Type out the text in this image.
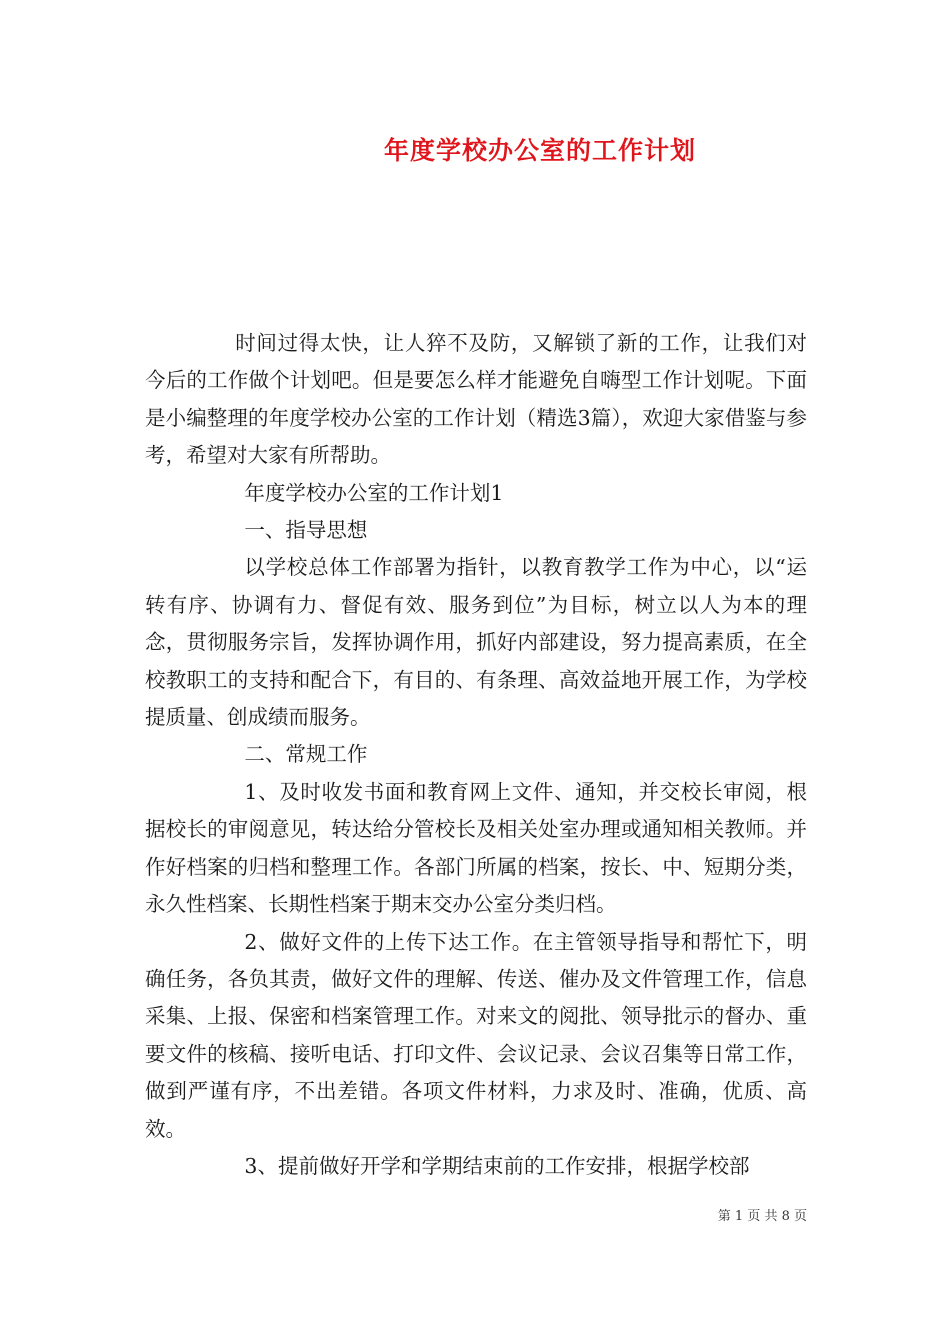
年度学校办公室的工作计划

时间过得太快，让人猝不及防，又解锁了新的工作，让我们对今后的工作做个计划吧。但是要怎么样才能避免自嗨型工作计划呢。下面是小编整理的年度学校办公室的工作计划（精选3篇），欢迎大家借鉴与参考，希望对大家有所帮助。

年度学校办公室的工作计划1

一、指导思想

以学校总体工作部署为指针，以教育教学工作为中心，以“运转有序、协调有力、督促有效、服务到位”为目标，树立以人为本的理念，贯彻服务宗旨，发挥协调作用，抓好内部建设，努力提高素质，在全校教职工的支持和配合下，有目的、有条理、高效益地开展工作，为学校提质量、创成绩而服务。

二、常规工作

1、及时收发书面和教育网上文件、通知，并交校长审阅，根据校长的审阅意见，转达给分管校长及相关处室办理或通知相关教师。并作好档案的归档和整理工作。各部门所属的档案，按长、中、短期分类，永久性档案、长期性档案于期末交办公室分类归档。

2、做好文件的上传下达工作。在主管领导指导和帮忙下，明确任务，各负其责，做好文件的理解、传送、催办及文件管理工作，信息采集、上报、保密和档案管理工作。对来文的阅批、领导批示的督办、重要文件的核稿、接听电话、打印文件、会议记录、会议召集等日常工作，做到严谨有序，不出差错。各项文件材料，力求及时、准确，优质、高效。

3、提前做好开学和学期结束前的工作安排，根据学校部

第 1 页 共 8 页
